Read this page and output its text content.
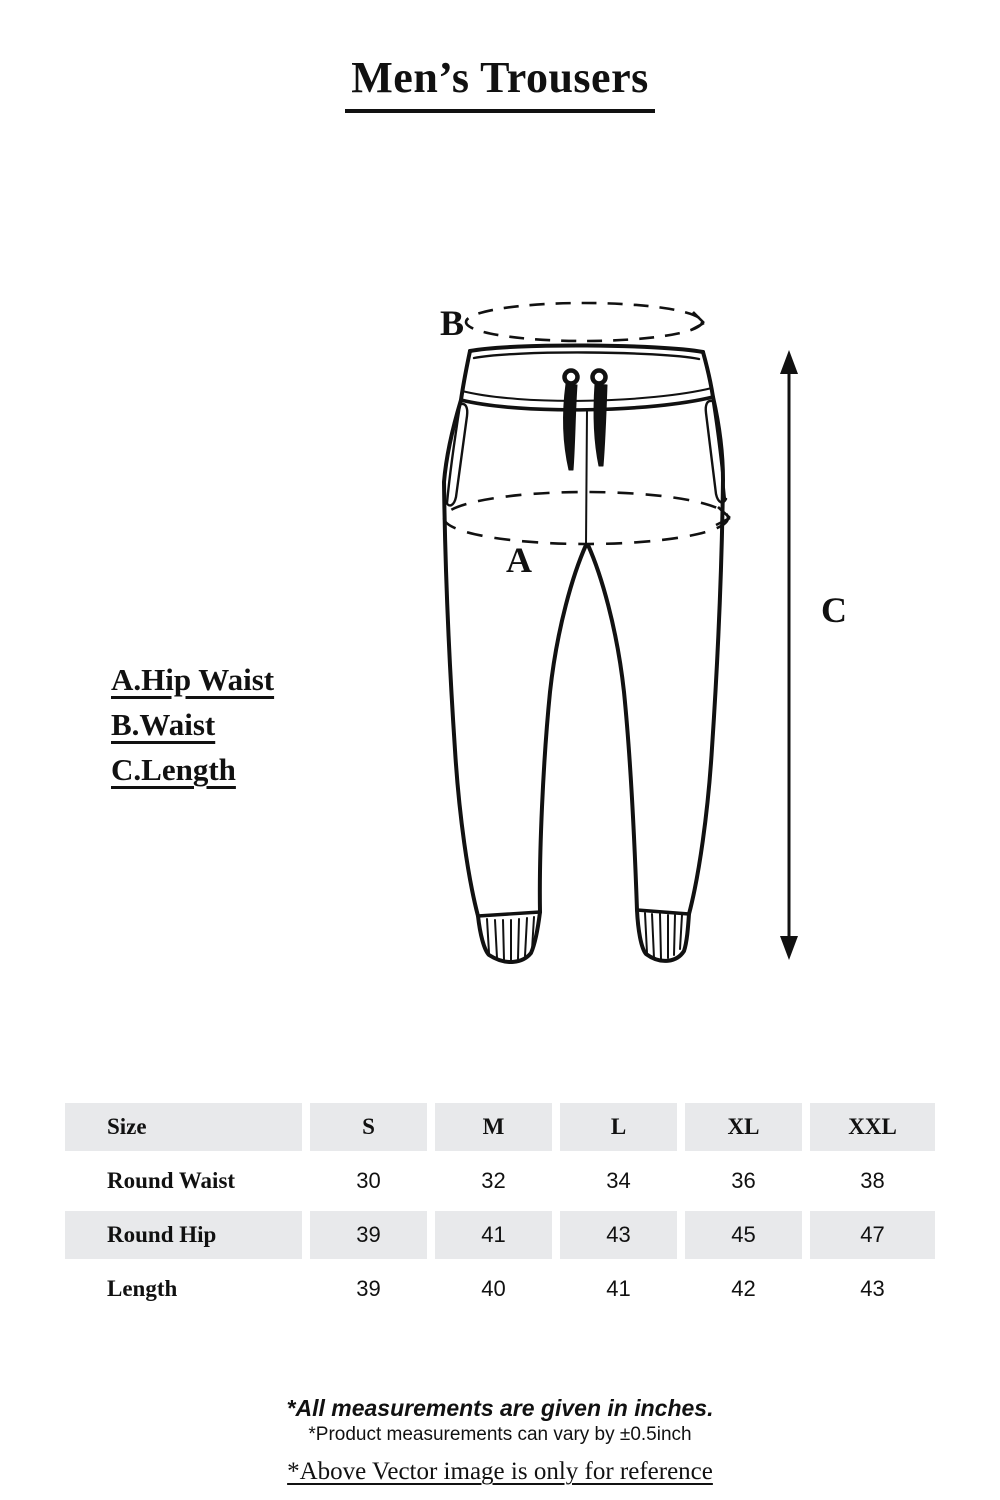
Men’s Trousers
A.Hip Waist
B.Waist
C.Length
B
A
C
Size	S	M	L	XL	XXL
Round Waist	30	32	34	36	38
Round Hip	39	41	43	45	47
Length	39	40	41	42	43
*All measurements are given in inches.
*Product measurements can vary by ±0.5inch
*Above Vector image is only for reference
